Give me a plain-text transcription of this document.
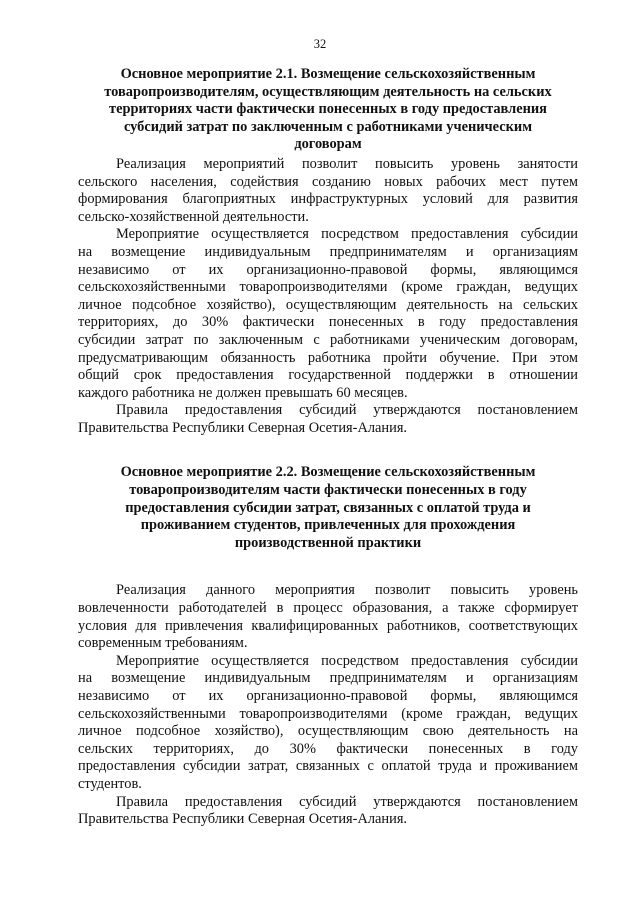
32
Основное мероприятие 2.1. Возмещение сельскохозяйственным
товаропроизводителям, осуществляющим деятельность на сельских
территориях части фактически понесенных в году предоставления
субсидий затрат по заключенным с работниками ученическим
договорам
Реализация мероприятий позволит повысить уровень занятости
сельского населения, содействия созданию новых рабочих мест путем
формирования благоприятных инфраструктурных условий для развития
сельско-хозяйственной деятельности.
Мероприятие осуществляется посредством предоставления субсидии
на возмещение индивидуальным предпринимателям и организациям
независимо от их организационно-правовой формы, являющимся
сельскохозяйственными товаропроизводителями (кроме граждан, ведущих
личное подсобное хозяйство), осуществляющим деятельность на сельских
территориях, до 30% фактически понесенных в году предоставления
субсидии затрат по заключенным с работниками ученическим договорам,
предусматривающим обязанность работника пройти обучение. При этом
общий срок предоставления государственной поддержки в отношении
каждого работника не должен превышать 60 месяцев.
Правила предоставления субсидий утверждаются постановлением
Правительства Республики Северная Осетия-Алания.
Основное мероприятие 2.2. Возмещение сельскохозяйственным
товаропроизводителям части фактически понесенных в году
предоставления субсидии затрат, связанных с оплатой труда и
проживанием студентов, привлеченных для прохождения
производственной практики
Реализация данного мероприятия позволит повысить уровень
вовлеченности работодателей в процесс образования, а также сформирует
условия для привлечения квалифицированных работников, соответствующих
современным требованиям.
Мероприятие осуществляется посредством предоставления субсидии
на возмещение индивидуальным предпринимателям и организациям
независимо от их организационно-правовой формы, являющимся
сельскохозяйственными товаропроизводителями (кроме граждан, ведущих
личное подсобное хозяйство), осуществляющим свою деятельность на
сельских территориях, до 30% фактически понесенных в году
предоставления субсидии затрат, связанных с оплатой труда и проживанием
студентов.
Правила предоставления субсидий утверждаются постановлением
Правительства Республики Северная Осетия-Алания.
